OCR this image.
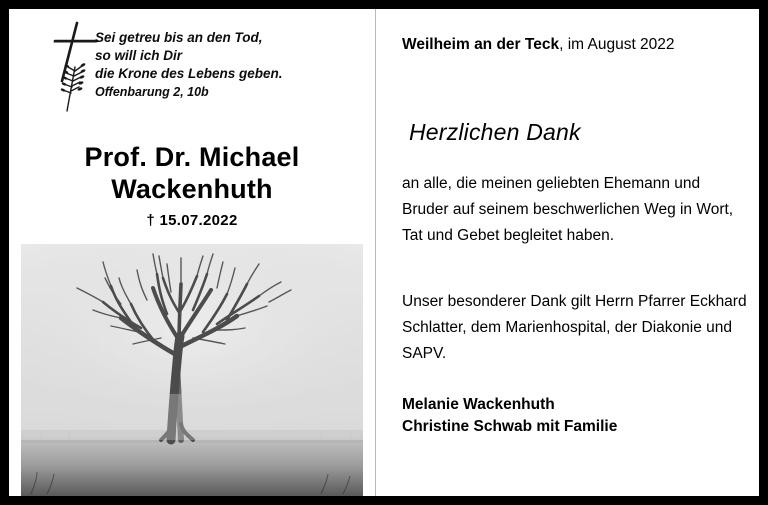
Sei getreu bis an den Tod,
so will ich Dir
die Krone des Lebens geben.
Offenbarung 2, 10b
Prof. Dr. Michael
Wackenhuth
† 15.07.2022
Weilheim an der Teck, im August 2022
Herzlichen Dank
an alle, die meinen geliebten Ehemann und Bruder auf seinem beschwerlichen Weg in Wort, Tat und Gebet begleitet haben.
Unser besonderer Dank gilt Herrn Pfarrer Eckhard Schlatter, dem Marienhospital, der Diakonie und SAPV.
Melanie Wackenhuth
Christine Schwab mit Familie
